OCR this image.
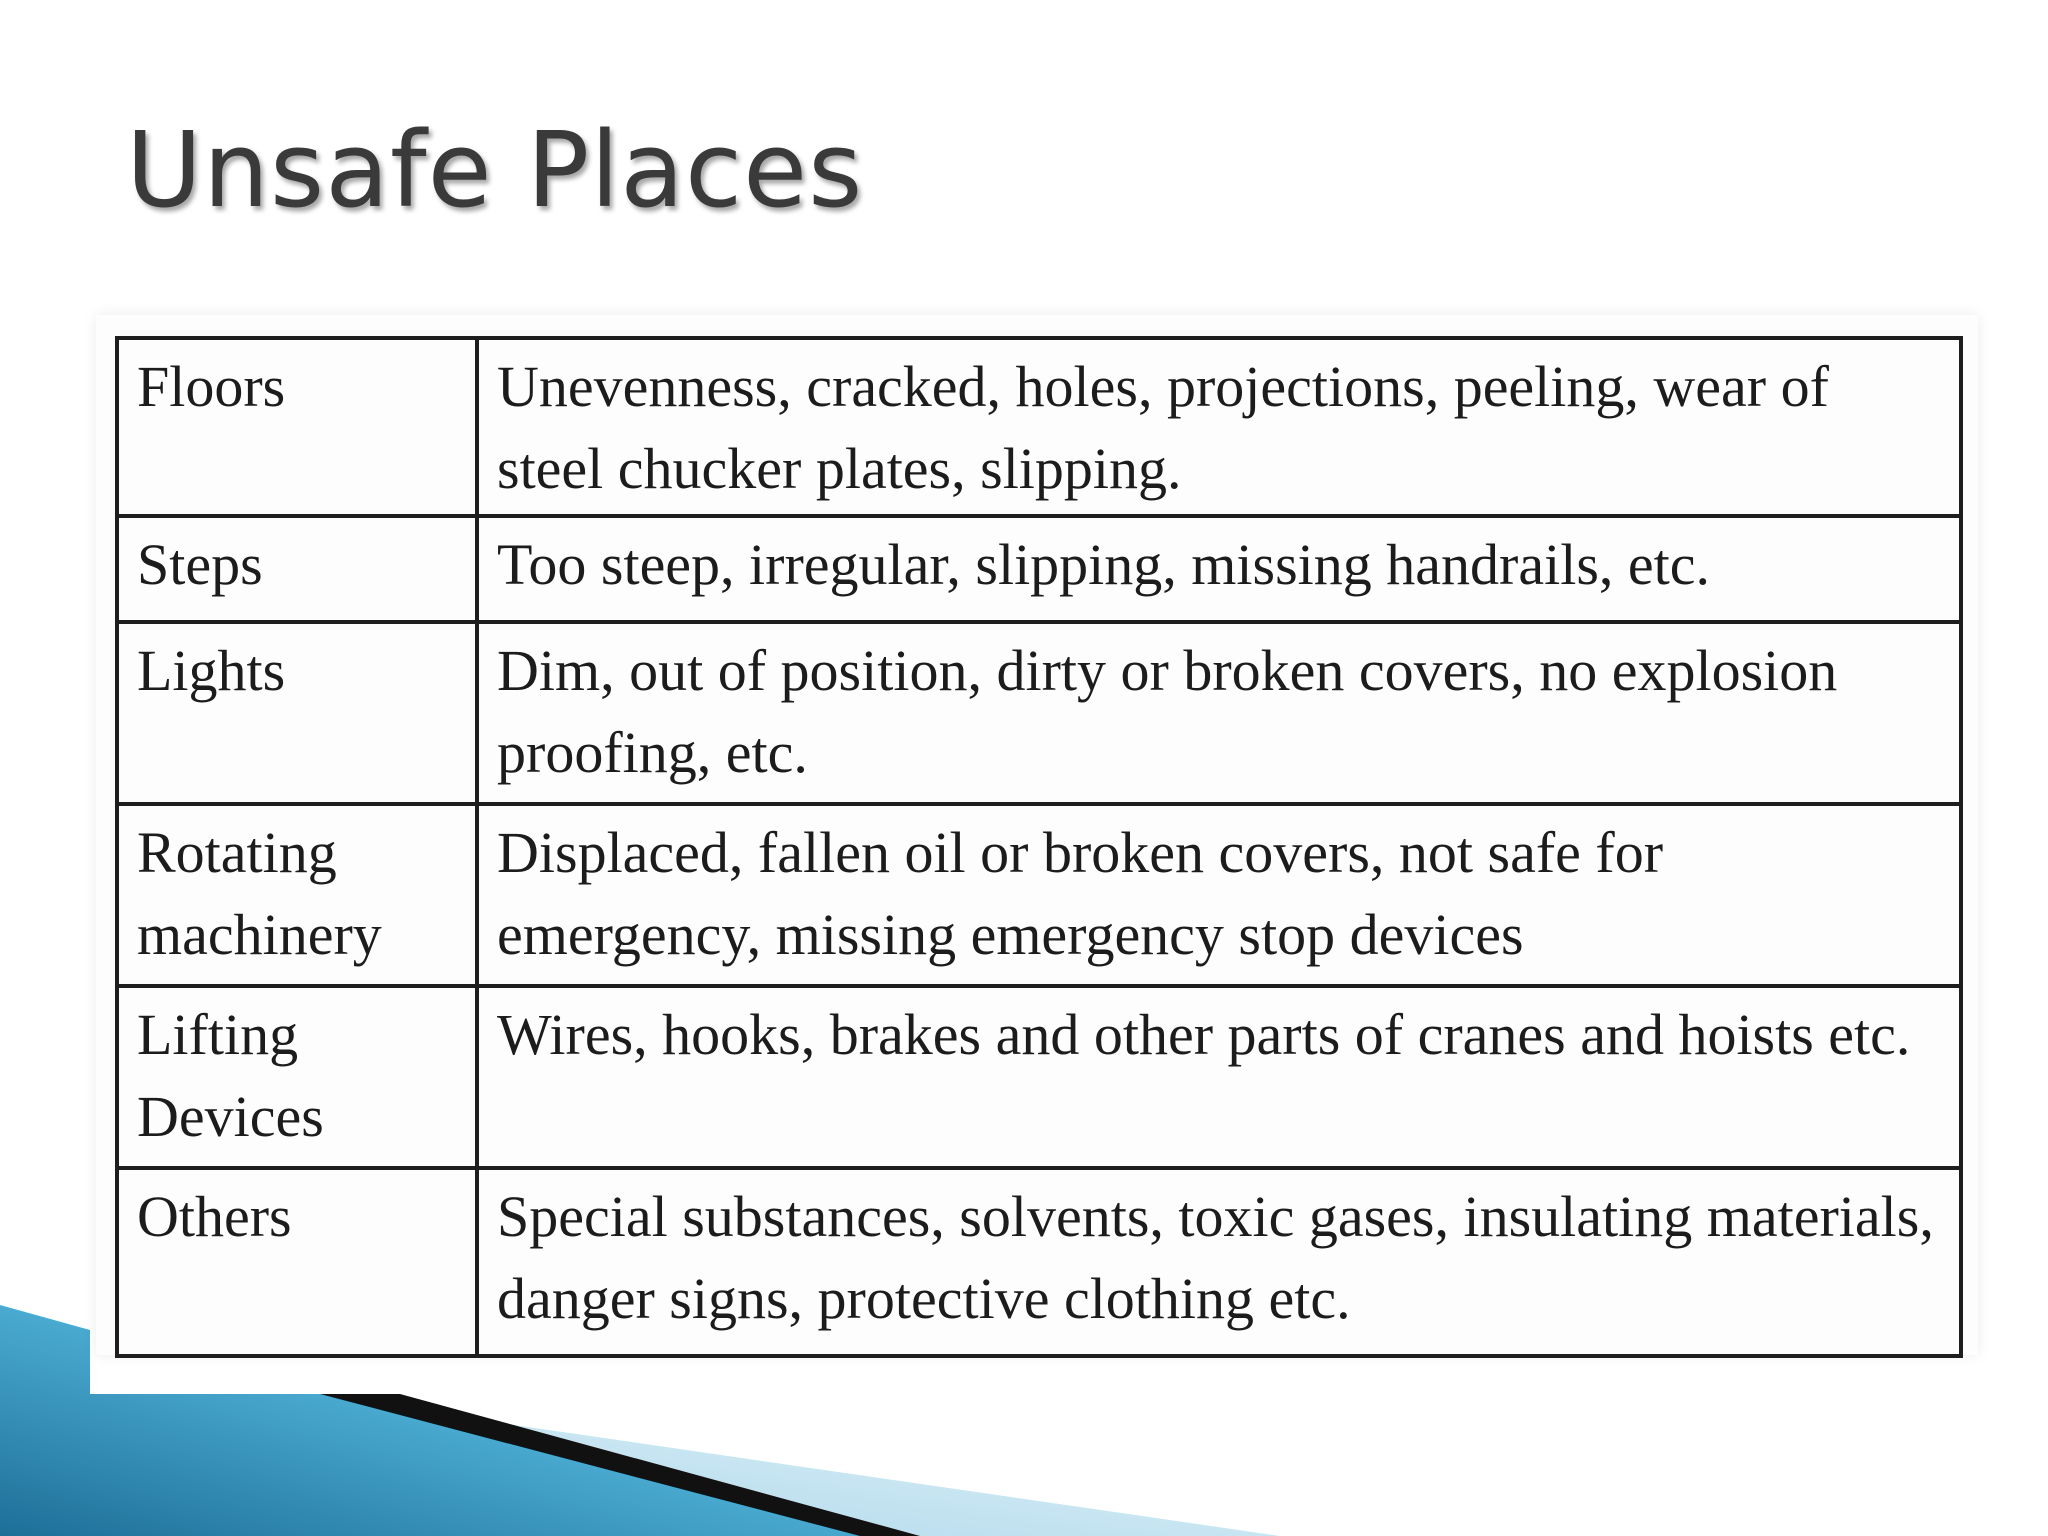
Unsafe Places
Floors	Unevenness, cracked, holes, projections, peeling, wear of steel chucker plates, slipping.
Steps	Too steep, irregular, slipping, missing handrails, etc.
Lights	Dim, out of position, dirty or broken covers, no explosion proofing, etc.
Rotating machinery	Displaced, fallen oil or broken covers, not safe for emergency, missing emergency stop devices
Lifting Devices	Wires, hooks, brakes and other parts of cranes and hoists etc.
Others	Special substances, solvents, toxic gases, insulating materials, danger signs, protective clothing etc.
